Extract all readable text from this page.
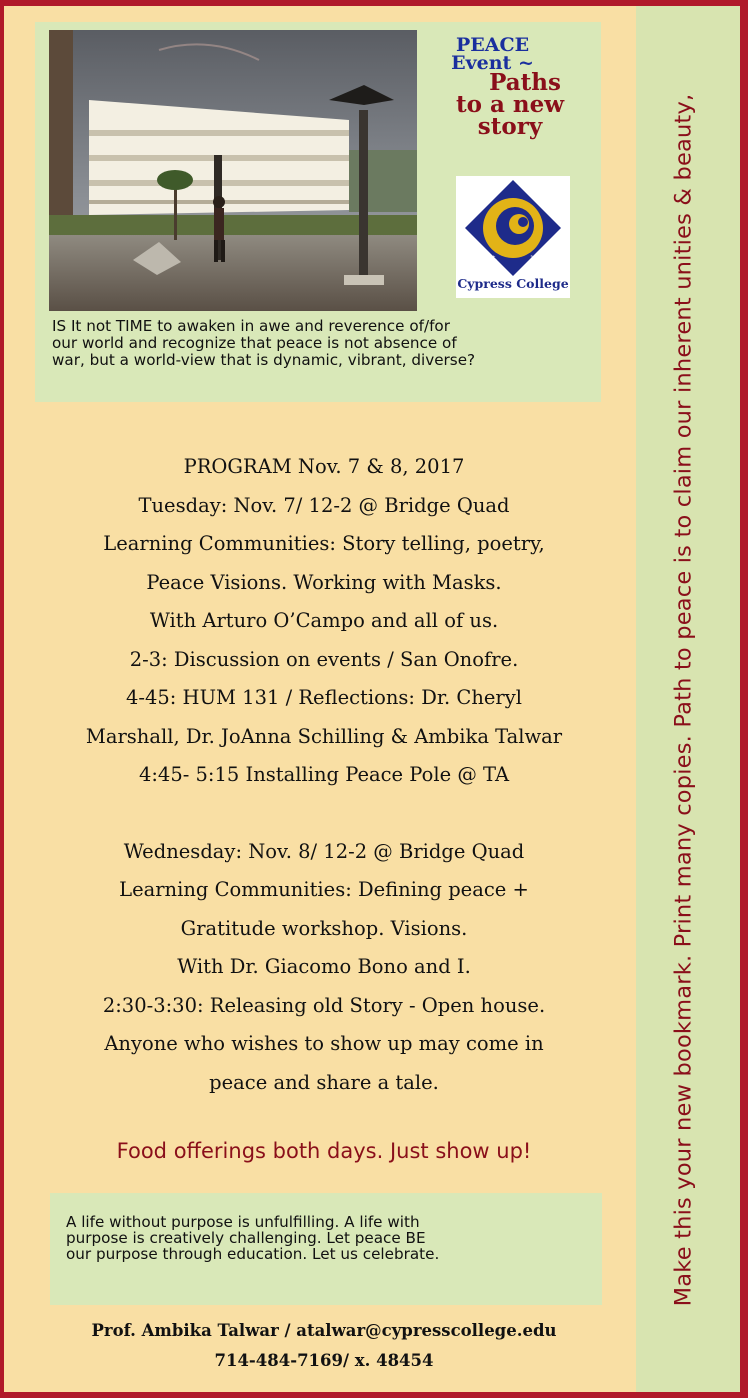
Make this your new bookmark. Print many copies. Path to peace is to claim our inherent unities & beauty,
PEACE
Event ~
Paths
to a new
story
Est.	1966
Cypress College
IS It not TIME to awaken in awe and reverence of/for
our world and recognize that peace is not absence of
war, but a world-view that is dynamic, vibrant, diverse?
PROGRAM Nov. 7 & 8, 2017
Tuesday: Nov. 7/ 12-2 @ Bridge Quad
Learning Communities: Story telling, poetry,
Peace Visions. Working with Masks.
With Arturo O’Campo and all of us.
2-3: Discussion on events / San Onofre.
4-45: HUM 131 / Reflections: Dr. Cheryl
Marshall, Dr. JoAnna Schilling & Ambika Talwar
4:45- 5:15 Installing Peace Pole @ TA
Wednesday: Nov. 8/ 12-2 @ Bridge Quad
Learning Communities: Defining peace +
Gratitude workshop. Visions.
With Dr. Giacomo Bono and I.
2:30-3:30: Releasing old Story - Open house.
Anyone who wishes to show up may come in
peace and share a tale.
Food offerings both days. Just show up!
A life without purpose is unfulfilling. A life with
purpose is creatively challenging. Let peace BE
our purpose through education. Let us celebrate.
Prof. Ambika Talwar / atalwar@cypresscollege.edu
714-484-7169/ x. 48454
